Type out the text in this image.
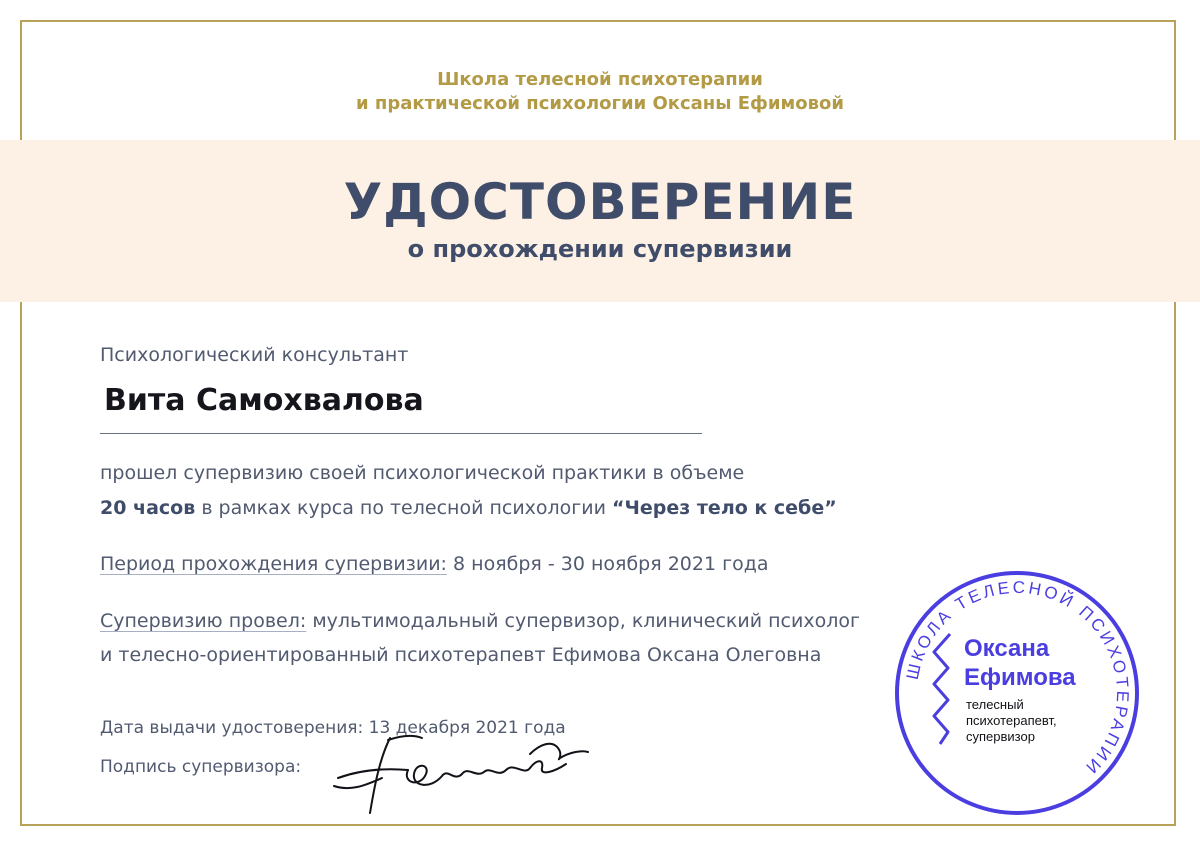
Школа телесной психотерапии
и практической психологии Оксаны Ефимовой
УДОСТОВЕРЕНИЕ
о прохождении супервизии
Психологический консультант
Вита Самохвалова
прошел супервизию своей психологической практики в объеме
20 часов в рамках курса по телесной психологии “Через тело к себе”
Период прохождения супервизии: 8 ноября - 30 ноября 2021 года
Супервизию провел: мультимодальный супервизор, клинический психолог
и телесно-ориентированный психотерапевт Ефимова Оксана Олеговна
Дата выдачи удостоверения: 13 декабря 2021 года
Подпись супервизора:
ШКОЛА ТЕЛЕСНОЙ ПСИХОТЕРАПИИ
Оксана
Ефимова
телесный
психотерапевт,
супервизор
